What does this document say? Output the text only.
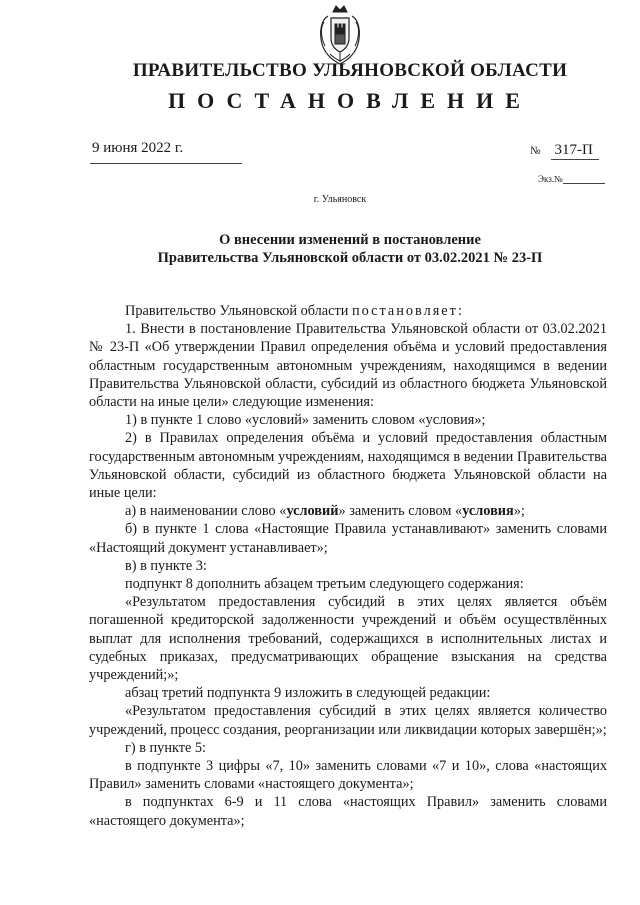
ПРАВИТЕЛЬСТВО УЛЬЯНОВСКОЙ ОБЛАСТИ
ПОСТАНОВЛЕНИЕ
9 июня 2022 г.	№ 317-П
Экз.№
г. Ульяновск
О внесении изменений в постановление
Правительства Ульяновской области от 03.02.2021 № 23-П

Правительство Ульяновской области постановляет:

1. Внести в постановление Правительства Ульяновской области от 03.02.2021 № 23-П «Об утверждении Правил определения объёма и условий предоставления областным государственным автономным учреждениям, находящимся в ведении Правительства Ульяновской области, субсидий из областного бюджета Ульяновской области на иные цели» следующие изменения:

1) в пункте 1 слово «условий» заменить словом «условия»;

2) в Правилах определения объёма и условий предоставления областным государственным автономным учреждениям, находящимся в ведении Правительства Ульяновской области, субсидий из областного бюджета Ульяновской области на иные цели:

а) в наименовании слово «условий» заменить словом «условия»;

б) в пункте 1 слова «Настоящие Правила устанавливают» заменить словами «Настоящий документ устанавливает»;

в) в пункте 3:

подпункт 8 дополнить абзацем третьим следующего содержания:

«Результатом предоставления субсидий в этих целях является объём погашенной кредиторской задолженности учреждений и объём осуществлённых выплат для исполнения требований, содержащихся в исполнительных листах и судебных приказах, предусматривающих обращение взыскания на средства учреждений;»;

абзац третий подпункта 9 изложить в следующей редакции:

«Результатом предоставления субсидий в этих целях является количество учреждений, процесс создания, реорганизации или ликвидации которых завершён;»;

г) в пункте 5:

в подпункте 3 цифры «7, 10» заменить словами «7 и 10», слова «настоящих Правил» заменить словами «настоящего документа»;

в подпунктах 6-9 и 11 слова «настоящих Правил» заменить словами «настоящего документа»;
